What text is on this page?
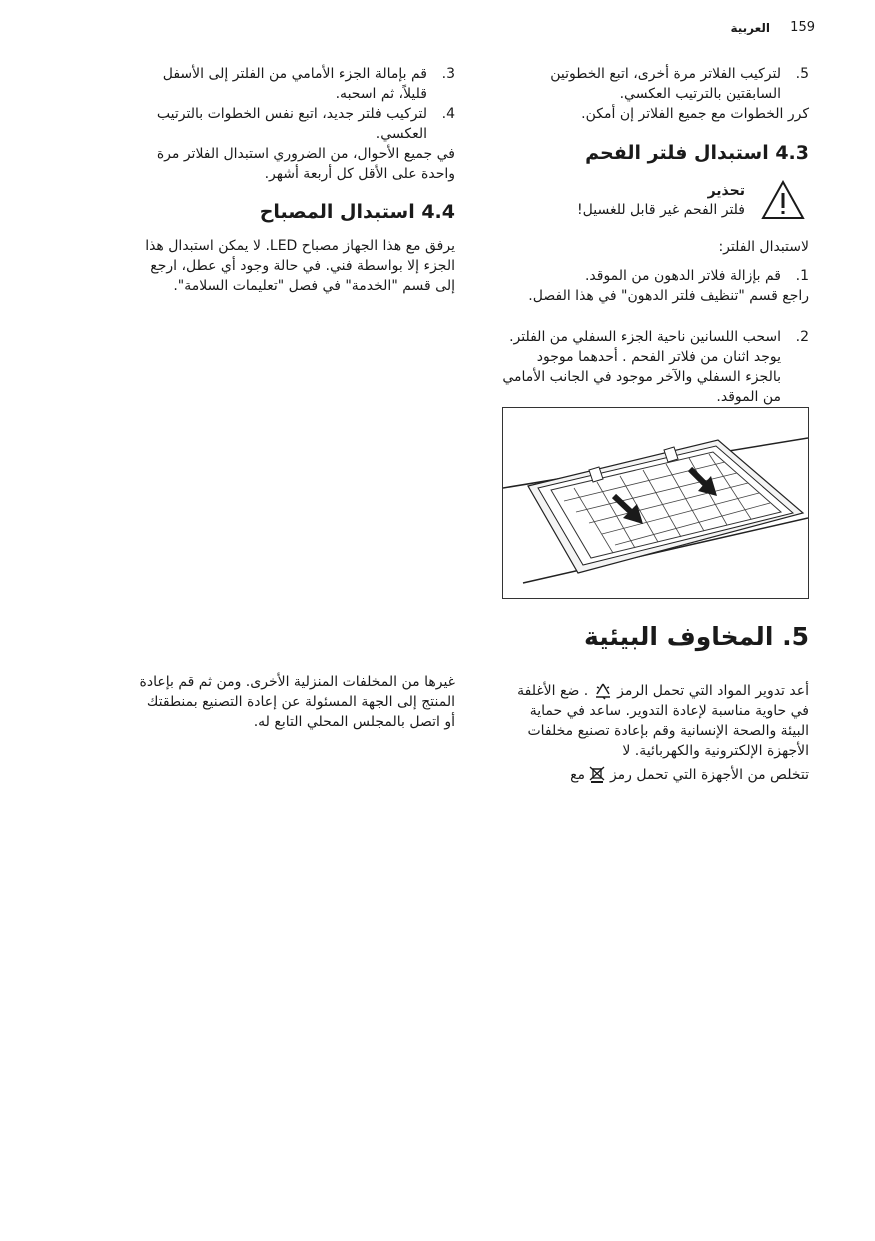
العربية 159
5.
لتركيب الفلاتر مرة أخرى، اتبع الخطوتين السابقتين بالترتيب العكسي.

كرر الخطوات مع جميع الفلاتر إن أمكن.

4.3 استبدال فلتر الفحم
تحذير
فلتر الفحم غير قابل للغسيل!

لاستبدال الفلتر:

1.
قم بإزالة فلاتر الدهون من الموقد.

راجع قسم "تنظيف فلتر الدهون" في هذا الفصل.

2.
اسحب اللسانين ناحية الجزء السفلي من الفلتر. يوجد اثنان من فلاتر الفحم . أحدهما موجود بالجزء السفلي والآخر موجود في الجانب الأمامي من الموقد.
3.
قم بإمالة الجزء الأمامي من الفلتر إلى الأسفل قليلاً، ثم اسحبه.
4.
لتركيب فلتر جديد، اتبع نفس الخطوات بالترتيب العكسي.

في جميع الأحوال، من الضروري استبدال الفلاتر مرة واحدة على الأقل كل أربعة أشهر.

4.4 استبدال المصباح

يرفق مع هذا الجهاز مصباح LED. لا يمكن استبدال هذا الجزء إلا بواسطة فني. في حالة وجود أي عطل، ارجع إلى قسم "الخدمة" في فصل "تعليمات السلامة".

5. المخاوف البيئية

أعد تدوير المواد التي تحمل الرمز  . ضع الأغلفة في حاوية مناسبة لإعادة التدوير. ساعد في حماية البيئة والصحة الإنسانية وقم بإعادة تصنيع مخلفات الأجهزة الإلكترونية والكهربائية. لا

تتخلص من الأجهزة التي تحمل رمز  مع

غيرها من المخلفات المنزلية الأخرى. ومن ثم قم بإعادة المنتج إلى الجهة المسئولة عن إعادة التصنيع بمنطقتك أو اتصل بالمجلس المحلي التابع له.
